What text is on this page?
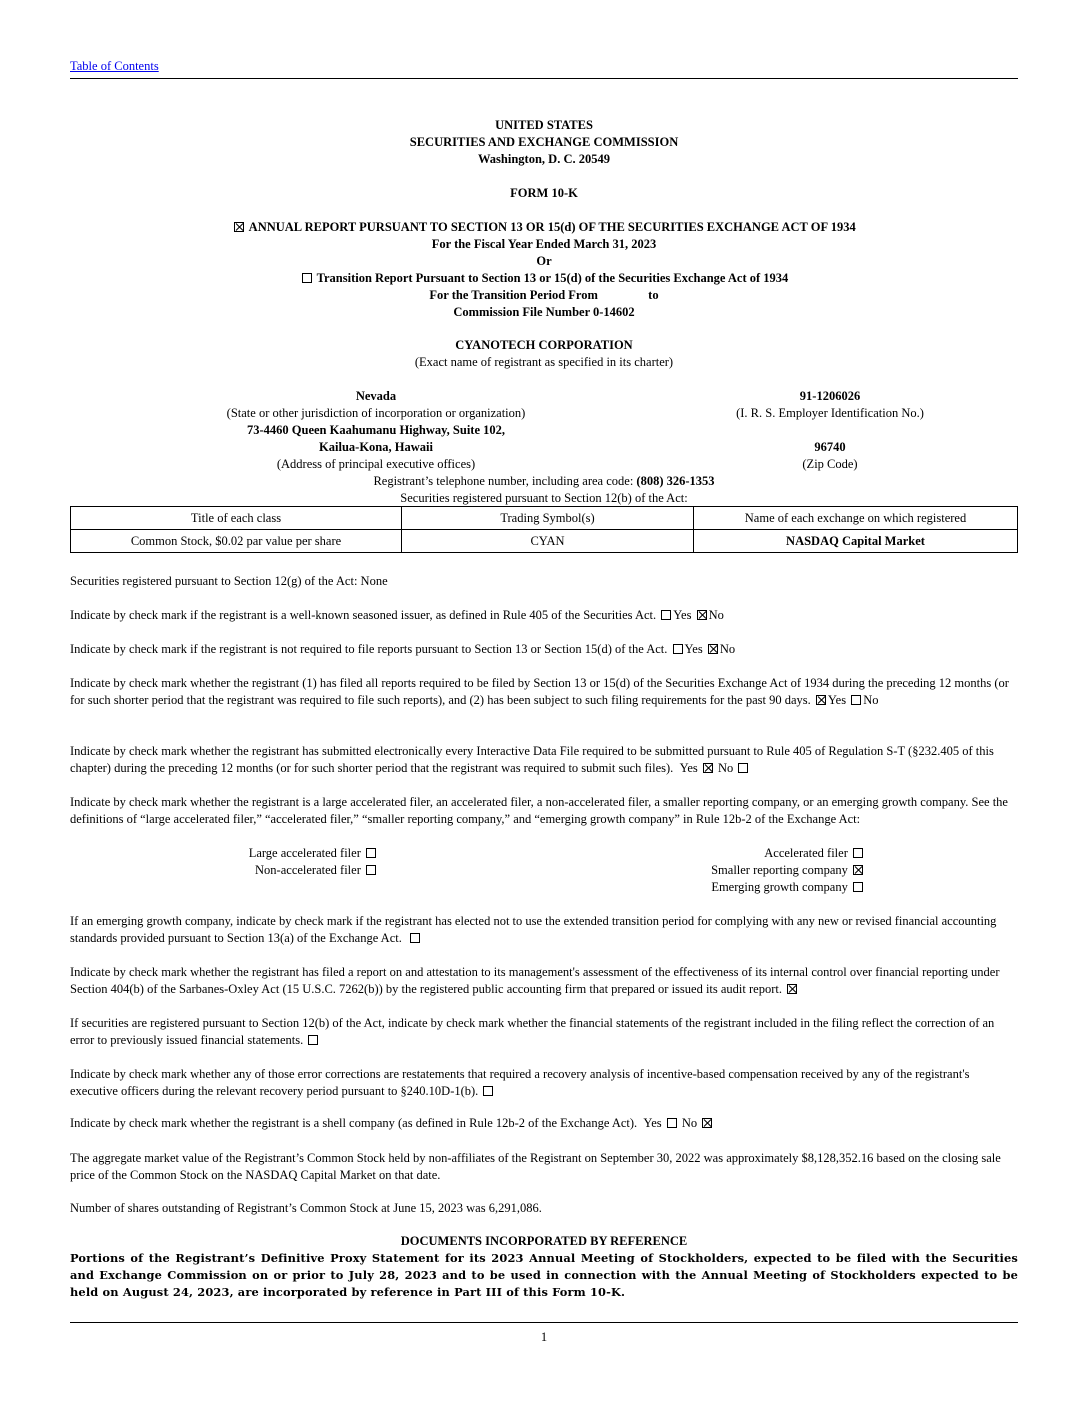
Table of Contents
UNITED STATES
SECURITIES AND EXCHANGE COMMISSION
Washington, D. C. 20549
FORM 10-K
ANNUAL REPORT PURSUANT TO SECTION 13 OR 15(d) OF THE SECURITIES EXCHANGE ACT OF 1934
For the Fiscal Year Ended March 31, 2023
Or
Transition Report Pursuant to Section 13 or 15(d) of the Securities Exchange Act of 1934
For the Transition Period From	to
Commission File Number 0-14602
CYANOTECH CORPORATION
(Exact name of registrant as specified in its charter)
Nevada	91-1206026
(State or other jurisdiction of incorporation or organization)	(I. R. S. Employer Identification No.)
73-4460 Queen Kaahumanu Highway, Suite 102,
Kailua-Kona, Hawaii	96740
(Address of principal executive offices)	(Zip Code)
Registrant’s telephone number, including area code: (808) 326-1353
Securities registered pursuant to Section 12(b) of the Act:
Title of each class	Trading Symbol(s)	Name of each exchange on which registered
Common Stock, $0.02 par value per share	CYAN	NASDAQ Capital Market
Securities registered pursuant to Section 12(g) of the Act: None
Indicate by check mark if the registrant is a well-known seasoned issuer, as defined in Rule 405 of the Securities Act. Yes No
Indicate by check mark if the registrant is not required to file reports pursuant to Section 13 or Section 15(d) of the Act. Yes No
Indicate by check mark whether the registrant (1) has filed all reports required to be filed by Section 13 or 15(d) of the Securities Exchange Act of 1934 during the preceding 12 months (or for such shorter period that the registrant was required to file such reports), and (2) has been subject to such filing requirements for the past 90 days. Yes No
Indicate by check mark whether the registrant has submitted electronically every Interactive Data File required to be submitted pursuant to Rule 405 of Regulation S-T (§232.405 of this chapter) during the preceding 12 months (or for such shorter period that the registrant was required to submit such files). Yes No
Indicate by check mark whether the registrant is a large accelerated filer, an accelerated filer, a non-accelerated filer, a smaller reporting company, or an emerging growth company. See the definitions of “large accelerated filer,” “accelerated filer,” “smaller reporting company,” and “emerging growth company” in Rule 12b-2 of the Exchange Act:
Large accelerated filer
Non-accelerated filer
Accelerated filer
Smaller reporting company
Emerging growth company
If an emerging growth company, indicate by check mark if the registrant has elected not to use the extended transition period for complying with any new or revised financial accounting standards provided pursuant to Section 13(a) of the Exchange Act.
Indicate by check mark whether the registrant has filed a report on and attestation to its management's assessment of the effectiveness of its internal control over financial reporting under Section 404(b) of the Sarbanes-Oxley Act (15 U.S.C. 7262(b)) by the registered public accounting firm that prepared or issued its audit report.
If securities are registered pursuant to Section 12(b) of the Act, indicate by check mark whether the financial statements of the registrant included in the filing reflect the correction of an error to previously issued financial statements.
Indicate by check mark whether any of those error corrections are restatements that required a recovery analysis of incentive-based compensation received by any of the registrant's executive officers during the relevant recovery period pursuant to §240.10D-1(b).
Indicate by check mark whether the registrant is a shell company (as defined in Rule 12b-2 of the Exchange Act). Yes No
The aggregate market value of the Registrant’s Common Stock held by non-affiliates of the Registrant on September 30, 2022 was approximately $8,128,352.16 based on the closing sale price of the Common Stock on the NASDAQ Capital Market on that date.
Number of shares outstanding of Registrant’s Common Stock at June 15, 2023 was 6,291,086.
DOCUMENTS INCORPORATED BY REFERENCE
Portions of the Registrant’s Definitive Proxy Statement for its 2023 Annual Meeting of Stockholders, expected to be filed with the Securities and Exchange Commission on or prior to July 28, 2023 and to be used in connection with the Annual Meeting of Stockholders expected to be held on August 24, 2023, are incorporated by reference in Part III of this Form 10-K.
1
